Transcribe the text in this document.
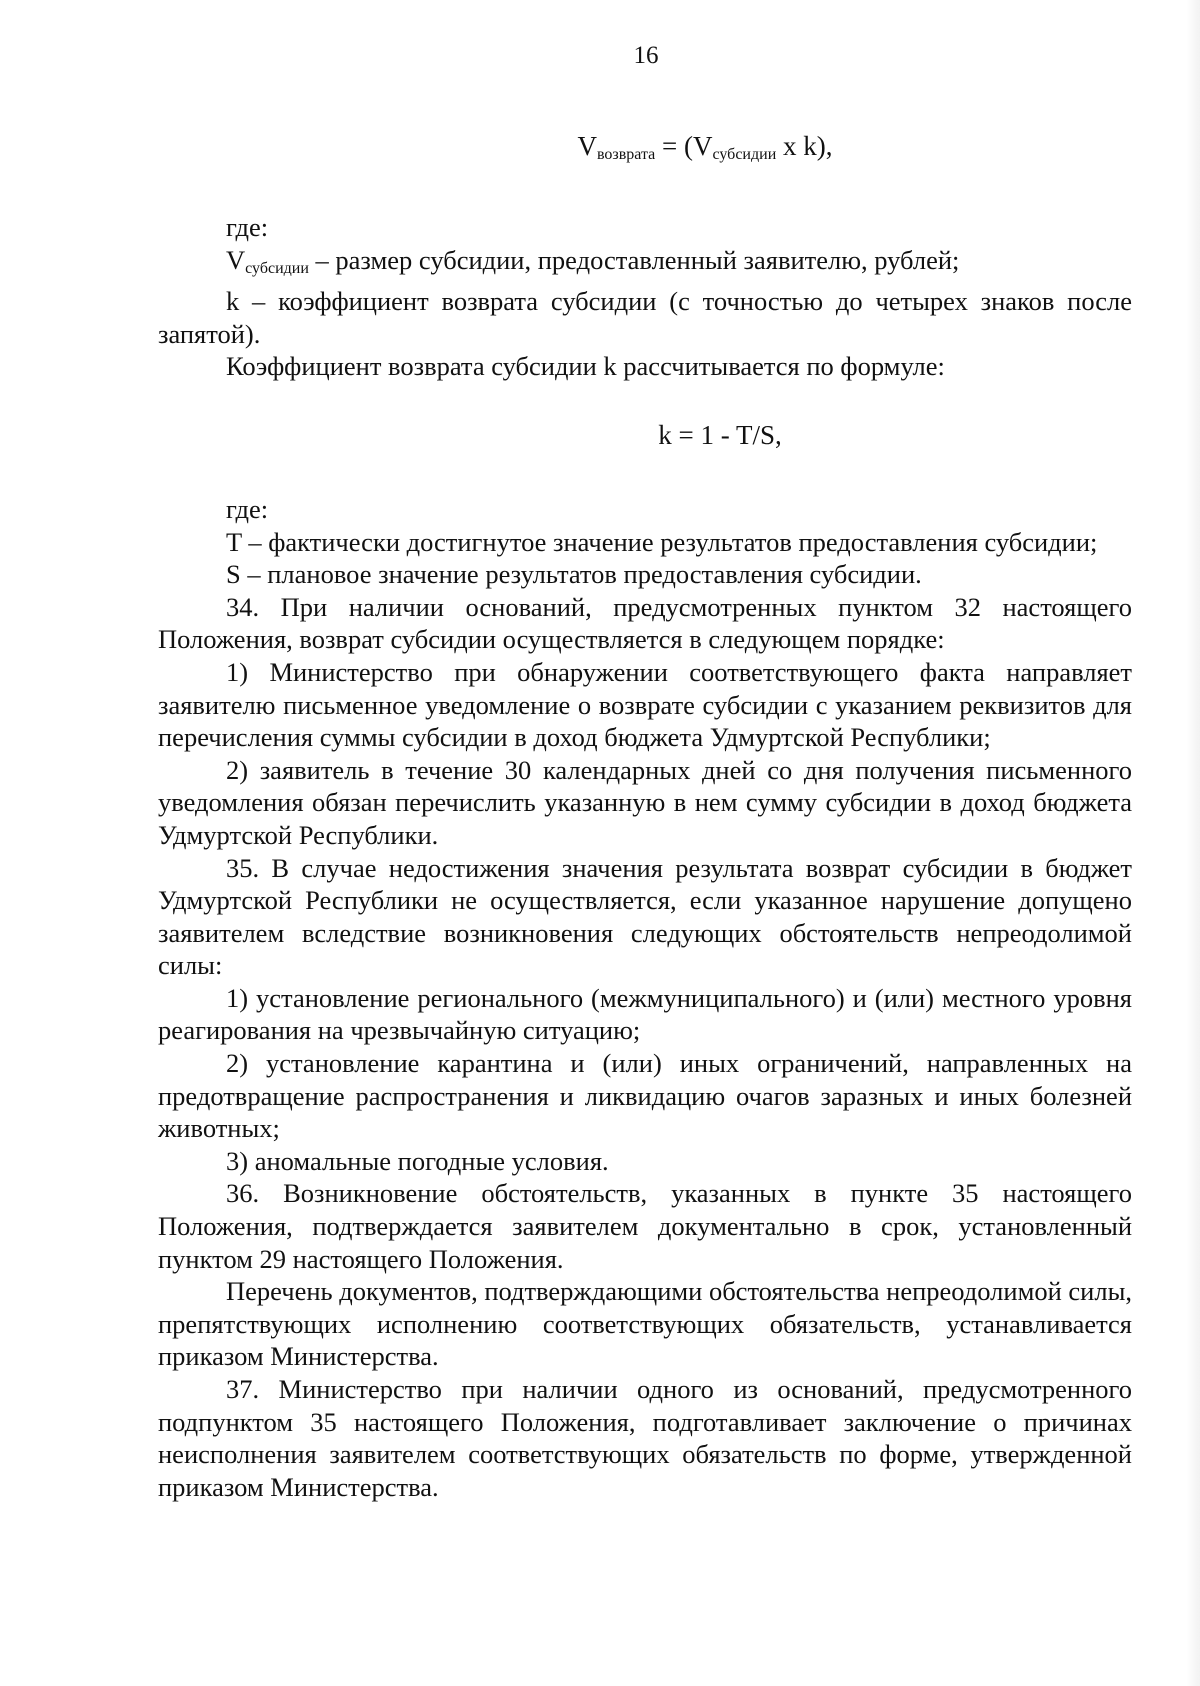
16

$V_{возврата} = (V_{субсидии}$ x k),

где:

$V_{субсидии}$ – размер субсидии, предоставленный заявителю, рублей;

k – коэффициент возврата субсидии (с точностью до четырех знаков после запятой).

Коэффициент возврата субсидии k рассчитывается по формуле:

k = 1 - T/S,

где:

T – фактически достигнутое значение результатов предоставления субсидии;

S – плановое значение результатов предоставления субсидии.

34. При наличии оснований, предусмотренных пунктом 32 настоящего Положения, возврат субсидии осуществляется в следующем порядке:

1) Министерство при обнаружении соответствующего факта направляет заявителю письменное уведомление о возврате субсидии с указанием реквизитов для перечисления суммы субсидии в доход бюджета Удмуртской Республики;

2) заявитель в течение 30 календарных дней со дня получения письменного уведомления обязан перечислить указанную в нем сумму субсидии в доход бюджета Удмуртской Республики.

35. В случае недостижения значения результата возврат субсидии в бюджет Удмуртской Республики не осуществляется, если указанное нарушение допущено заявителем вследствие возникновения следующих обстоятельств непреодолимой силы:

1) установление регионального (межмуниципального) и (или) местного уровня реагирования на чрезвычайную ситуацию;

2) установление карантина и (или) иных ограничений, направленных на предотвращение распространения и ликвидацию очагов заразных и иных болезней животных;

3) аномальные погодные условия.

36. Возникновение обстоятельств, указанных в пункте 35 настоящего Положения, подтверждается заявителем документально в срок, установленный пунктом 29 настоящего Положения.

Перечень документов, подтверждающими обстоятельства непреодолимой силы, препятствующих исполнению соответствующих обязательств, устанавливается приказом Министерства.

37. Министерство при наличии одного из оснований, предусмотренного подпунктом 35 настоящего Положения, подготавливает заключение о причинах неисполнения заявителем соответствующих обязательств по форме, утвержденной приказом Министерства.
